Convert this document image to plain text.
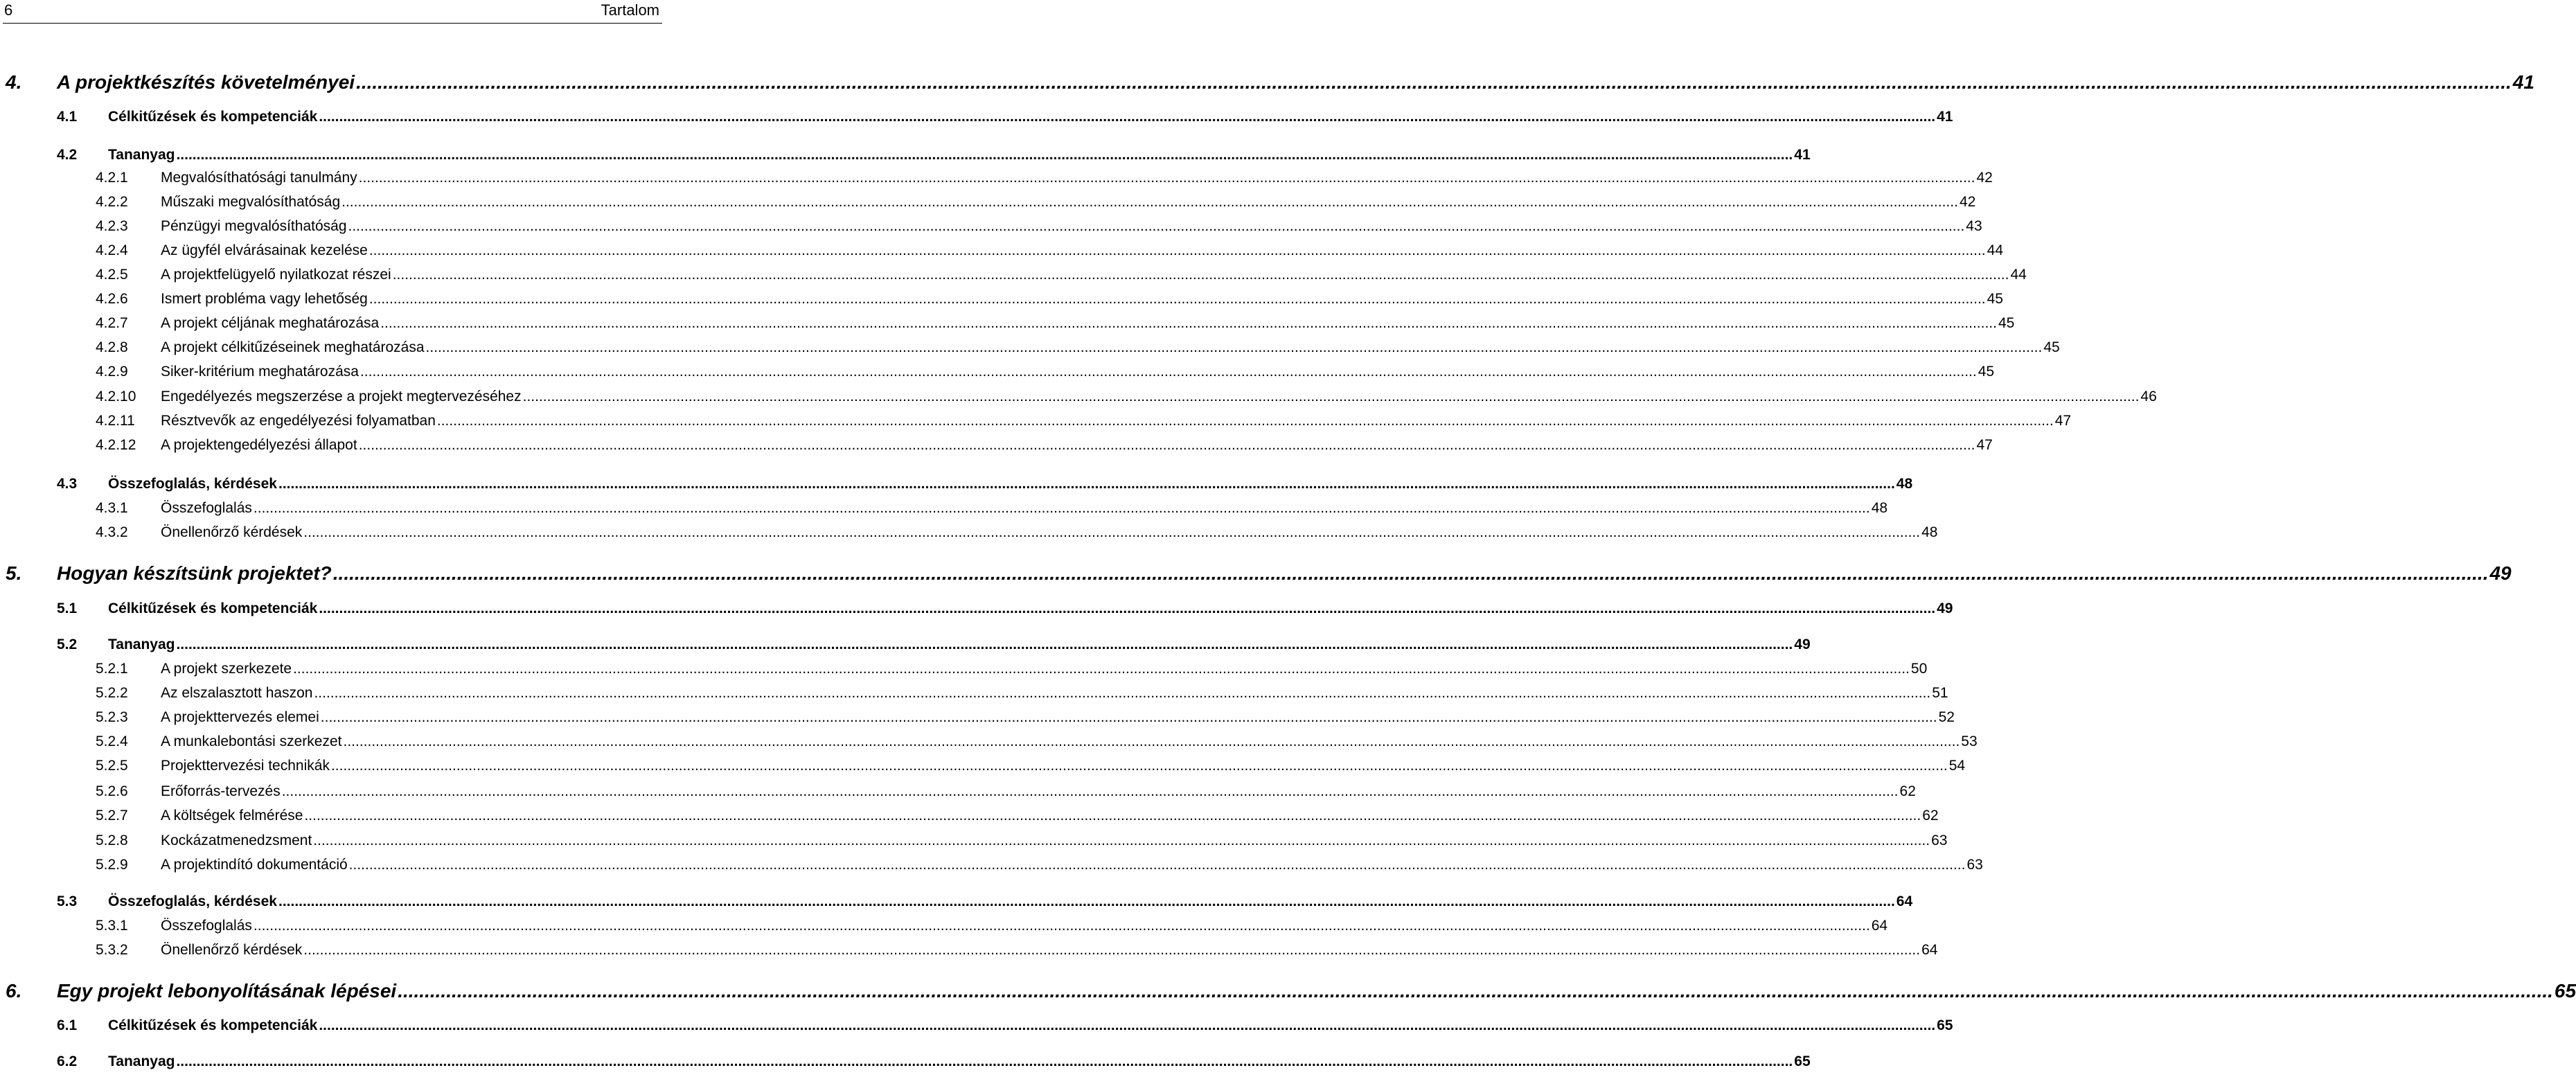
6	Tartalom
4.	A projektkészítés követelményei ................................................................................................................................................................................................................................................................................................................................................................................................................ 41
4.1	Célkitűzések és kompetenciák ................................................................................................................................................................................................................................................................................................................................................................................................................ 41
4.2	Tananyag ................................................................................................................................................................................................................................................................................................................................................................................................................ 41
4.2.1	Megvalósíthatósági tanulmány ................................................................................................................................................................................................................................................................................................................................................................................................................ 42
4.2.2	Műszaki megvalósíthatóság ................................................................................................................................................................................................................................................................................................................................................................................................................ 42
4.2.3	Pénzügyi megvalósíthatóság ................................................................................................................................................................................................................................................................................................................................................................................................................ 43
4.2.4	Az ügyfél elvárásainak kezelése ................................................................................................................................................................................................................................................................................................................................................................................................................ 44
4.2.5	A projektfelügyelő nyilatkozat részei ................................................................................................................................................................................................................................................................................................................................................................................................................ 44
4.2.6	Ismert probléma vagy lehetőség ................................................................................................................................................................................................................................................................................................................................................................................................................ 45
4.2.7	A projekt céljának meghatározása ................................................................................................................................................................................................................................................................................................................................................................................................................ 45
4.2.8	A projekt célkitűzéseinek meghatározása ................................................................................................................................................................................................................................................................................................................................................................................................................ 45
4.2.9	Siker-kritérium meghatározása ................................................................................................................................................................................................................................................................................................................................................................................................................ 45
4.2.10	Engedélyezés megszerzése a projekt megtervezéséhez ................................................................................................................................................................................................................................................................................................................................................................................................................ 46
4.2.11	Résztvevők az engedélyezési folyamatban ................................................................................................................................................................................................................................................................................................................................................................................................................ 47
4.2.12	A projektengedélyezési állapot ................................................................................................................................................................................................................................................................................................................................................................................................................ 47
4.3	Összefoglalás, kérdések ................................................................................................................................................................................................................................................................................................................................................................................................................ 48
4.3.1	Összefoglalás ................................................................................................................................................................................................................................................................................................................................................................................................................ 48
4.3.2	Önellenőrző kérdések ................................................................................................................................................................................................................................................................................................................................................................................................................ 48
5.	Hogyan készítsünk projektet? ................................................................................................................................................................................................................................................................................................................................................................................................................ 49
5.1	Célkitűzések és kompetenciák ................................................................................................................................................................................................................................................................................................................................................................................................................ 49
5.2	Tananyag ................................................................................................................................................................................................................................................................................................................................................................................................................ 49
5.2.1	A projekt szerkezete ................................................................................................................................................................................................................................................................................................................................................................................................................ 50
5.2.2	Az elszalasztott haszon ................................................................................................................................................................................................................................................................................................................................................................................................................ 51
5.2.3	A projekttervezés elemei ................................................................................................................................................................................................................................................................................................................................................................................................................ 52
5.2.4	A munkalebontási szerkezet ................................................................................................................................................................................................................................................................................................................................................................................................................ 53
5.2.5	Projekttervezési technikák ................................................................................................................................................................................................................................................................................................................................................................................................................ 54
5.2.6	Erőforrás-tervezés ................................................................................................................................................................................................................................................................................................................................................................................................................ 62
5.2.7	A költségek felmérése ................................................................................................................................................................................................................................................................................................................................................................................................................ 62
5.2.8	Kockázatmenedzsment ................................................................................................................................................................................................................................................................................................................................................................................................................ 63
5.2.9	A projektindító dokumentáció ................................................................................................................................................................................................................................................................................................................................................................................................................ 63
5.3	Összefoglalás, kérdések ................................................................................................................................................................................................................................................................................................................................................................................................................ 64
5.3.1	Összefoglalás ................................................................................................................................................................................................................................................................................................................................................................................................................ 64
5.3.2	Önellenőrző kérdések ................................................................................................................................................................................................................................................................................................................................................................................................................ 64
6.	Egy projekt lebonyolításának lépései ................................................................................................................................................................................................................................................................................................................................................................................................................ 65
6.1	Célkitűzések és kompetenciák ................................................................................................................................................................................................................................................................................................................................................................................................................ 65
6.2	Tananyag ................................................................................................................................................................................................................................................................................................................................................................................................................ 65
